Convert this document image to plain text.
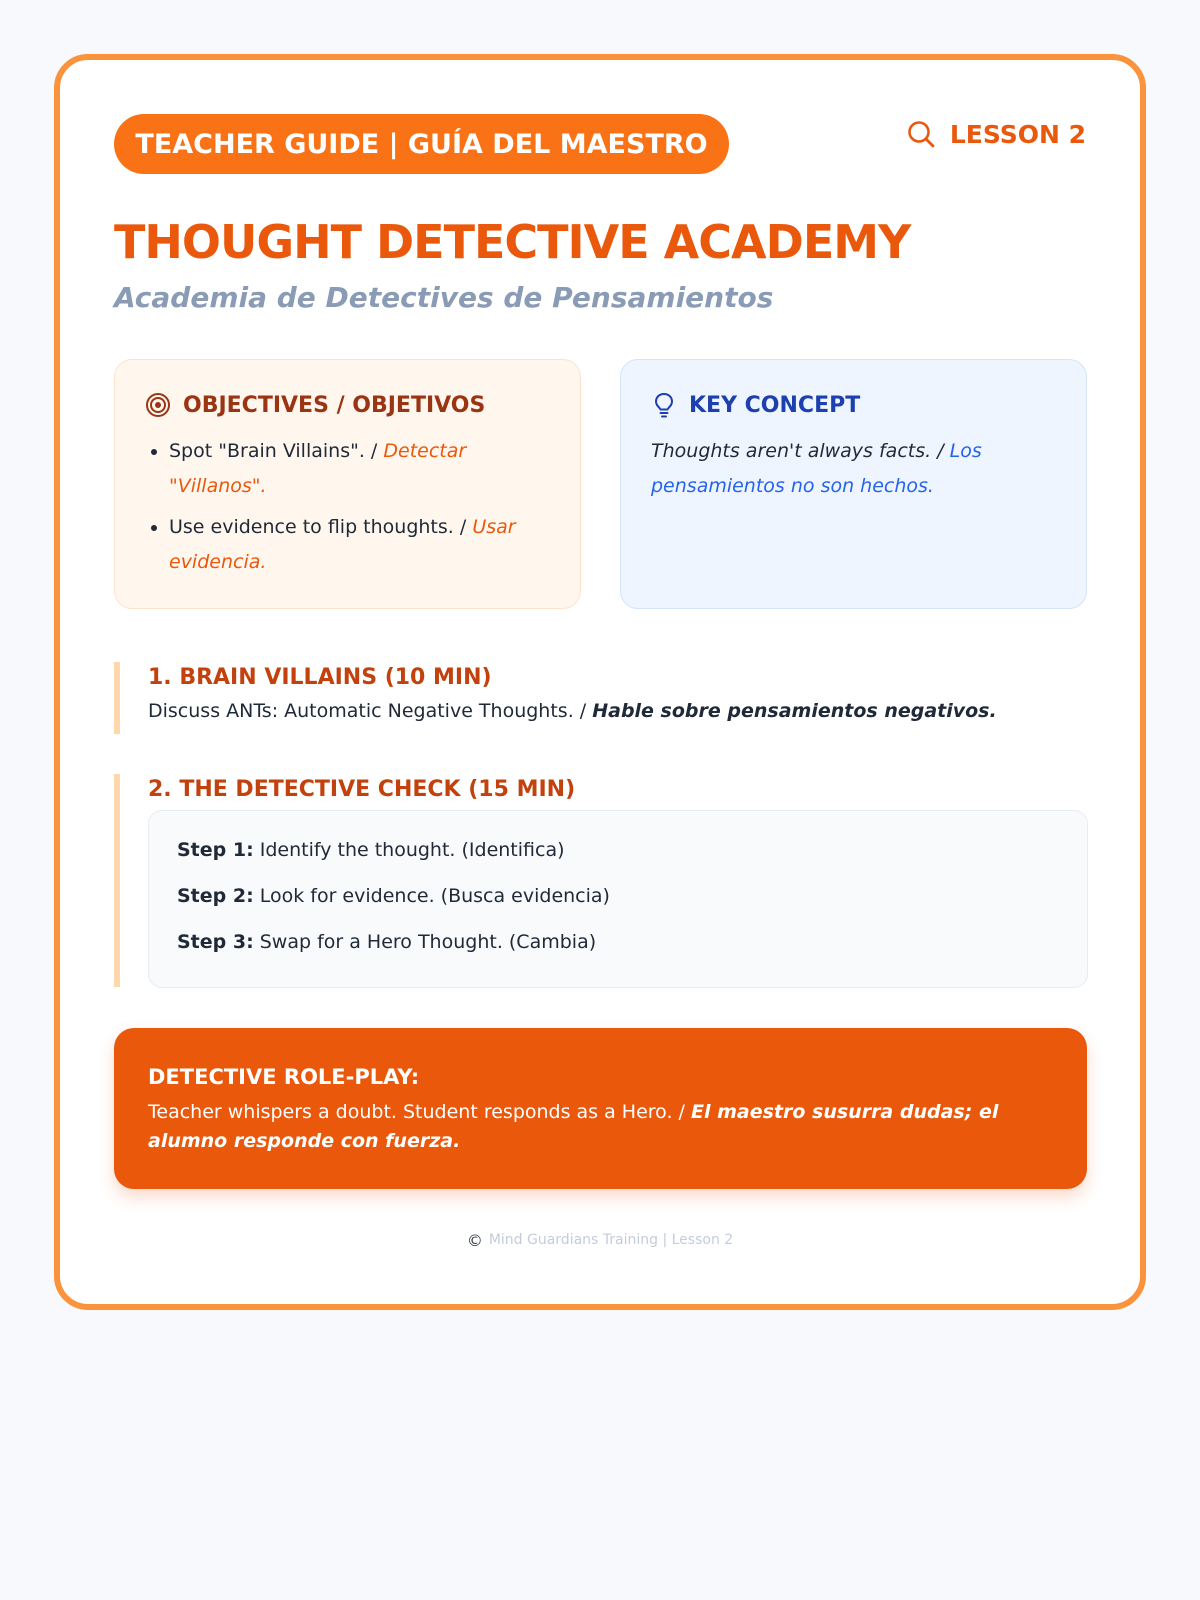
TEACHER GUIDE | GUÍA DEL MAESTRO	LESSON 2
THOUGHT DETECTIVE ACADEMY
Academia de Detectives de Pensamientos
OBJECTIVES / OBJETIVOS
• Spot "Brain Villains". / Detectar "Villanos".
• Use evidence to flip thoughts. / Usar evidencia.
KEY CONCEPT

Thoughts aren't always facts. / Los pensamientos no son hechos.

1. BRAIN VILLAINS (10 MIN)
Discuss ANTs: Automatic Negative Thoughts. / Hable sobre pensamientos negativos.
2. THE DETECTIVE CHECK (15 MIN)
Step 1: Identify the thought. (Identifica)
Step 2: Look for evidence. (Busca evidencia)
Step 3: Swap for a Hero Thought. (Cambia)
DETECTIVE ROLE-PLAY:
Teacher whispers a doubt. Student responds as a Hero. / El maestro susurra dudas; el alumno responde con fuerza.
© Mind Guardians Training | Lesson 2
